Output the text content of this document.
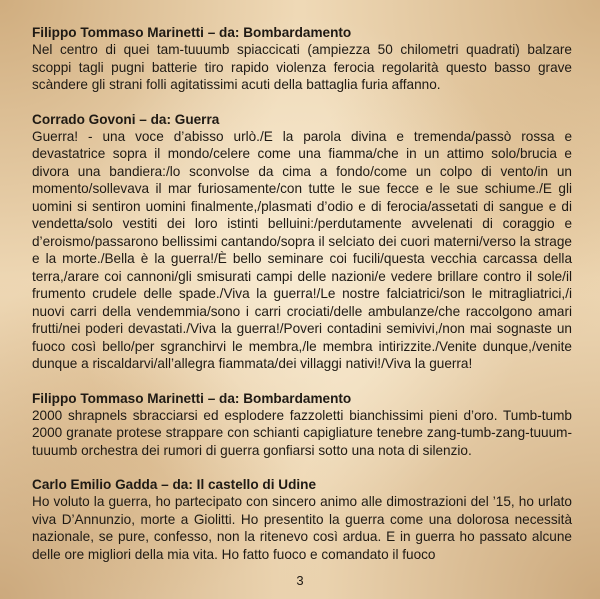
Filippo Tommaso Marinetti – da: Bombardamento

Nel centro di quei tam-tuuumb spiaccicati (ampiezza 50 chilometri quadrati) balzare scoppi tagli pugni batterie tiro rapido violenza ferocia regolarità questo basso grave scàndere gli strani folli agitatissimi acuti della battaglia furia affanno.

Corrado Govoni – da: Guerra

Guerra! - una voce d’abisso urlò./E la parola divina e tremenda/passò rossa e devastatrice sopra il mondo/celere come una fiamma/che in un attimo solo/brucia e divora una bandiera:/lo sconvolse da cima a fondo/come un colpo di vento/in un momento/sollevava il mar furiosamente/con tutte le sue fecce e le sue schiume./E gli uomini si sentiron uomini finalmente,/plasmati d’odio e di ferocia/assetati di sangue e di vendetta/solo vestiti dei loro istinti belluini:/perdutamente avvelenati di coraggio e d’eroismo/passarono bellissimi cantando/sopra il selciato dei cuori materni/verso la strage e la morte./Bella è la guerra!/È bello seminare coi fucili/questa vecchia carcassa della terra,/arare coi cannoni/gli smisurati campi delle nazioni/e vedere brillare contro il sole/il frumento crudele delle spade./Viva la guerra!/Le nostre falciatrici/son le mitragliatrici,/i nuovi carri della vendemmia/sono i carri crociati/delle ambulanze/che raccolgono amari frutti/nei poderi devastati./Viva la guerra!/Poveri contadini semivivi,/non mai sognaste un fuoco così bello/per sgranchirvi le membra,/le membra intirizzite./Venite dunque,/venite dunque a riscaldarvi/all’allegra fiammata/dei villaggi nativi!/Viva la guerra!

Filippo Tommaso Marinetti – da: Bombardamento

2000 shrapnels sbracciarsi ed esplodere fazzoletti bianchissimi pieni d’oro. Tumb-tumb 2000 granate protese strappare con schianti capigliature tenebre zang-tumb-zang-tuuum-tuuumb orchestra dei rumori di guerra gonfiarsi sotto una nota di silenzio.

Carlo Emilio Gadda – da: Il castello di Udine

Ho voluto la guerra, ho partecipato con sincero animo alle dimostrazioni del ’15, ho urlato viva D’Annunzio, morte a Giolitti. Ho presentito la guerra come una dolorosa necessità nazionale, se pure, confesso, non la ritenevo così ardua. E in guerra ho passato alcune delle ore migliori della mia vita. Ho fatto fuoco e comandato il fuoco

3
